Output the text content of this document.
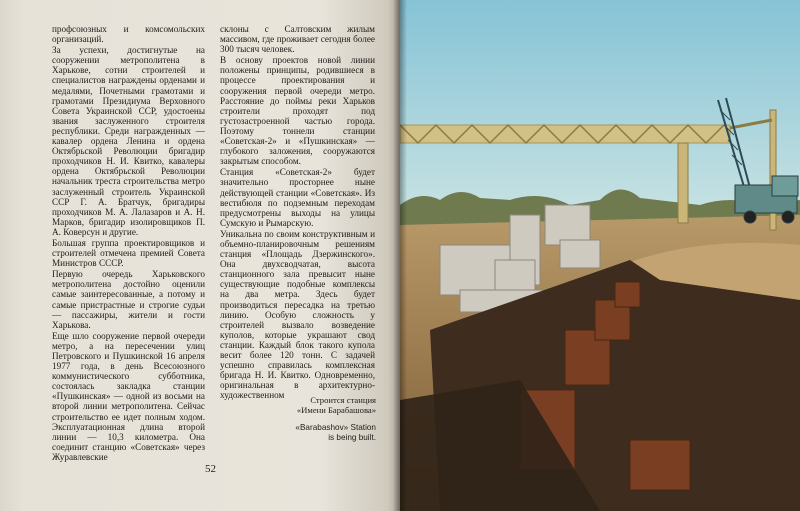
профсоюзных и комсомольских организаций.

За успехи, достигнутые на сооружении метрополитена в Харькове, сотни строителей и специалистов награждены орденами и медалями, Почетными грамотами и грамотами Президиума Верховного Совета Украинской ССР, удостоены звания заслуженного строителя республики. Среди награжденных — кавалер ордена Ленина и ордена Октябрьской Революции бригадир проходчиков Н. И. Квитко, кавалеры ордена Октябрьской Революции начальник треста строительства метро заслуженный строитель Украинской ССР Г. А. Братчук, бригадиры проходчиков М. А. Лалазаров и А. Н. Марков, бригадир изолировщиков П. А. Коверсун и другие.

Большая группа проектировщиков и строителей отмечена премией Совета Министров СССР.

Первую очередь Харьковского метрополитена достойно оценили самые заинтересованные, а потому и самые пристрастные и строгие судьи — пассажиры, жители и гости Харькова.

Еще шло сооружение первой очереди метро, а на пересечении улиц Петровского и Пушкинской 16 апреля 1977 года, в день Всесоюзного коммунистического субботника, состоялась закладка станции «Пушкинская» — одной из восьми на второй линии метрополитена. Сейчас строительство ее идет полным ходом. Эксплуатационная длина второй линии — 10,3 километра. Она соединит станцию «Советская» через Журавлевские

склоны с Салтовским жилым массивом, где проживает сегодня более 300 тысяч человек.

В основу проектов новой линии положены принципы, родившиеся в процессе проектирования и сооружения первой очереди метро. Расстояние до поймы реки Харьков строители проходят под густозастроенной частью города. Поэтому тоннели станции «Советская-2» и «Пушкинская» — глубокого заложения, сооружаются закрытым способом.

Станция «Советская-2» будет значительно просторнее ныне действующей станции «Советская». Из вестибюля по подземным переходам предусмотрены выходы на улицы Сумскую и Рымарскую.

Уникальна по своим конструктивным и объемно-планировочным решениям станция «Площадь Дзержинского». Она двухсводчатая, высота станционного зала превысит ныне существующие подобные комплексы на два метра. Здесь будет производиться пересадка на третью линию. Особую сложность у строителей вызвало возведение куполов, которые украшают свод станции. Каждый блок такого купола весит более 120 тонн. С задачей успешно справилась комплексная бригада Н. И. Квитко. Одновременно, оригинальная в архитектурно-художественном	Строится станция
«Имени Барабашова»
«Barabashov» Station
is being built.
52
